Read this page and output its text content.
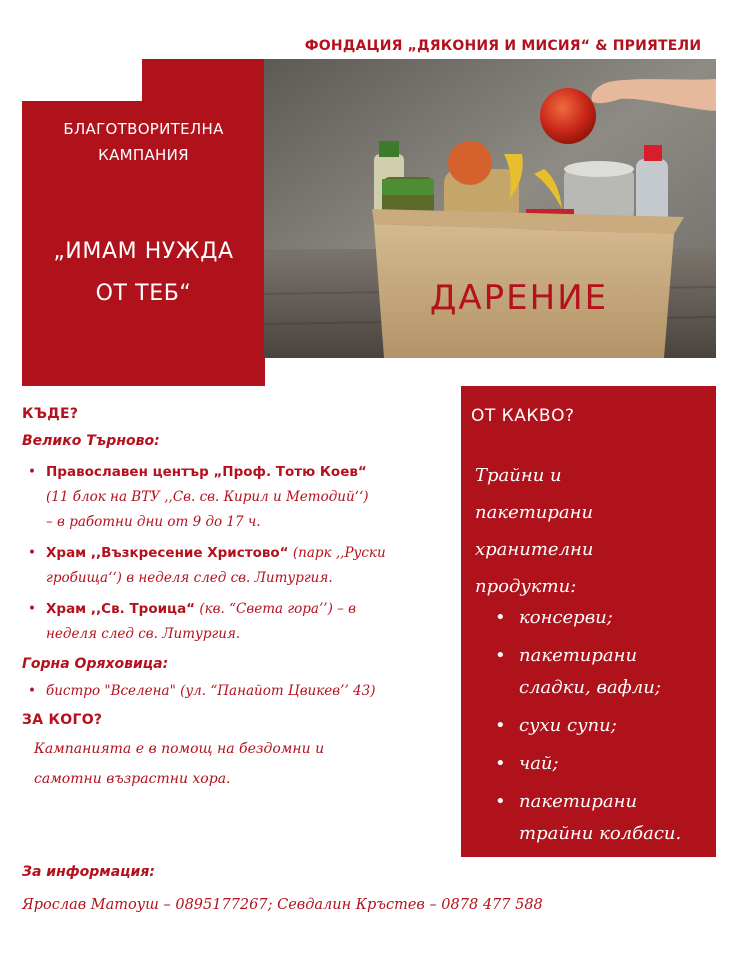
БЛАГОТВОРИТЕЛНА
КАМПАНИЯ
„ИМАМ НУЖДА
ОТ ТЕБ“
ФОНДАЦИЯ „ДЯКОНИЯ И МИСИЯ“ & ПРИЯТЕЛИ
ДАРЕНИЕ
ОТ КАКВО?
Трайни и
пакетирани
хранителни
продукти:
• консерви;
• пакетирани
сладки, вафли;
• сухи супи;
• чай;
• пакетирани
трайни колбаси.
КЪДЕ?
Велико Търново:
• Православен център „Проф. Тотю Коев“
(11 блок на ВТУ ,,Св. св. Кирил и Методий‘‘)
– в работни дни от 9 до 17 ч.
• Храм ,,Възкресение Христово“ (парк ,,Руски
гробища‘‘) в неделя след св. Литургия.
• Храм ,,Св. Троица“ (кв. “Света гора’’) – в
неделя след св. Литургия.
Горна Оряховица:
• бистро "Вселена" (ул. “Панайот Цвикев’’ 43)
ЗА КОГО?
Кампанията е в помощ на бездомни и
самотни възрастни хора.
За информация:
Ярослав Матоуш – 0895177267; Севдалин Кръстев – 0878 477 588
